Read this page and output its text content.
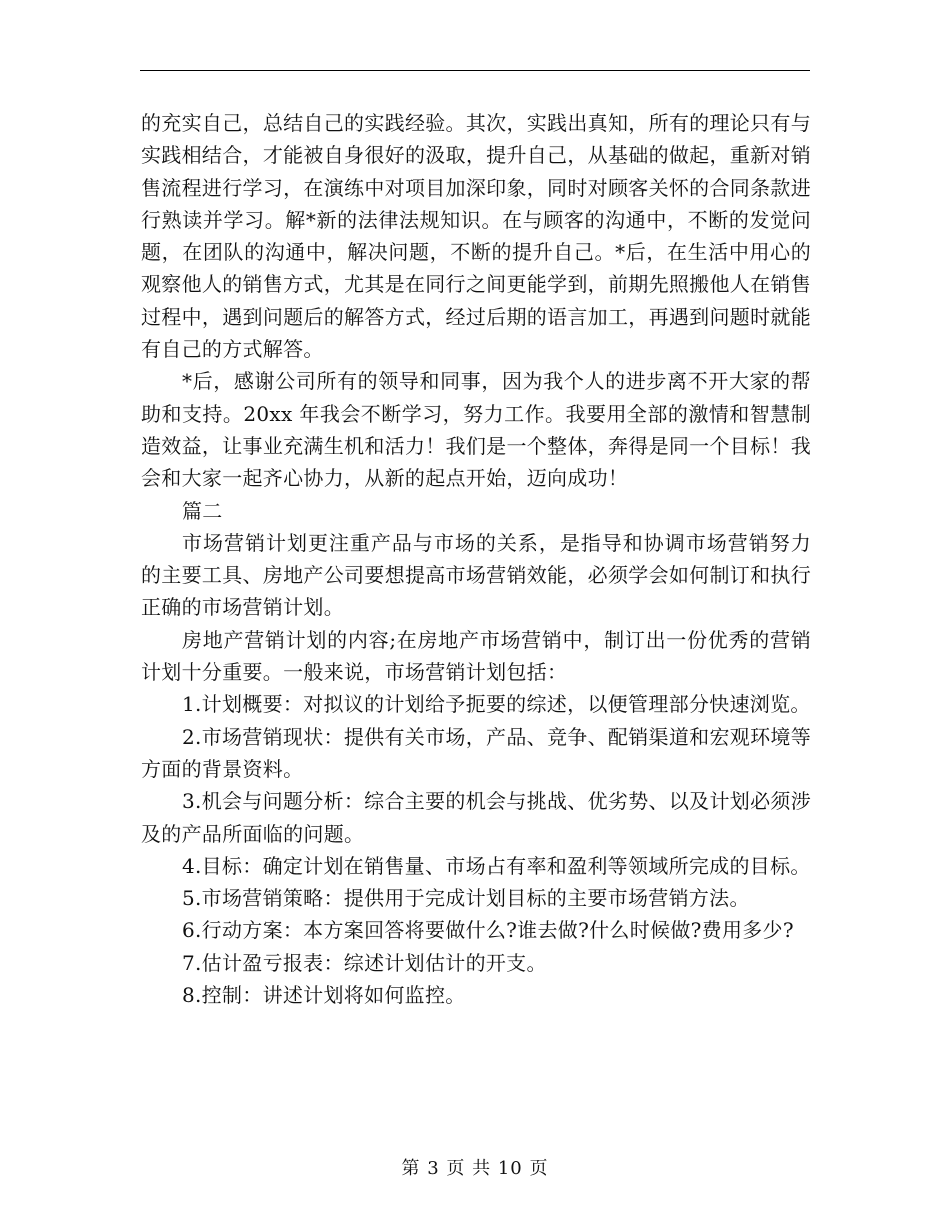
的充实自己，总结自己的实践经验。其次，实践出真知，所有的理论只有与实践相结合，才能被自身很好的汲取，提升自己，从基础的做起，重新对销售流程进行学习，在演练中对项目加深印象，同时对顾客关怀的合同条款进行熟读并学习。解*新的法律法规知识。在与顾客的沟通中，不断的发觉问题，在团队的沟通中，解决问题，不断的提升自己。*后，在生活中用心的观察他人的销售方式，尤其是在同行之间更能学到，前期先照搬他人在销售过程中，遇到问题后的解答方式，经过后期的语言加工，再遇到问题时就能有自己的方式解答。

*后，感谢公司所有的领导和同事，因为我个人的进步离不开大家的帮助和支持。20xx 年我会不断学习，努力工作。我要用全部的激情和智慧制造效益，让事业充满生机和活力！我们是一个整体，奔得是同一个目标！我会和大家一起齐心协力，从新的起点开始，迈向成功！

篇二

市场营销计划更注重产品与市场的关系，是指导和协调市场营销努力的主要工具、房地产公司要想提高市场营销效能，必须学会如何制订和执行正确的市场营销计划。

房地产营销计划的内容;在房地产市场营销中，制订出一份优秀的营销计划十分重要。一般来说，市场营销计划包括：

1.计划概要：对拟议的计划给予扼要的综述，以便管理部分快速浏览。

2.市场营销现状：提供有关市场，产品、竞争、配销渠道和宏观环境等方面的背景资料。

3.机会与问题分析：综合主要的机会与挑战、优劣势、以及计划必须涉及的产品所面临的问题。

4.目标：确定计划在销售量、市场占有率和盈利等领域所完成的目标。

5.市场营销策略：提供用于完成计划目标的主要市场营销方法。

6.行动方案：本方案回答将要做什么?谁去做?什么时候做?费用多少?

7.估计盈亏报表：综述计划估计的开支。

8.控制：讲述计划将如何监控。

第 3 页 共 10 页
